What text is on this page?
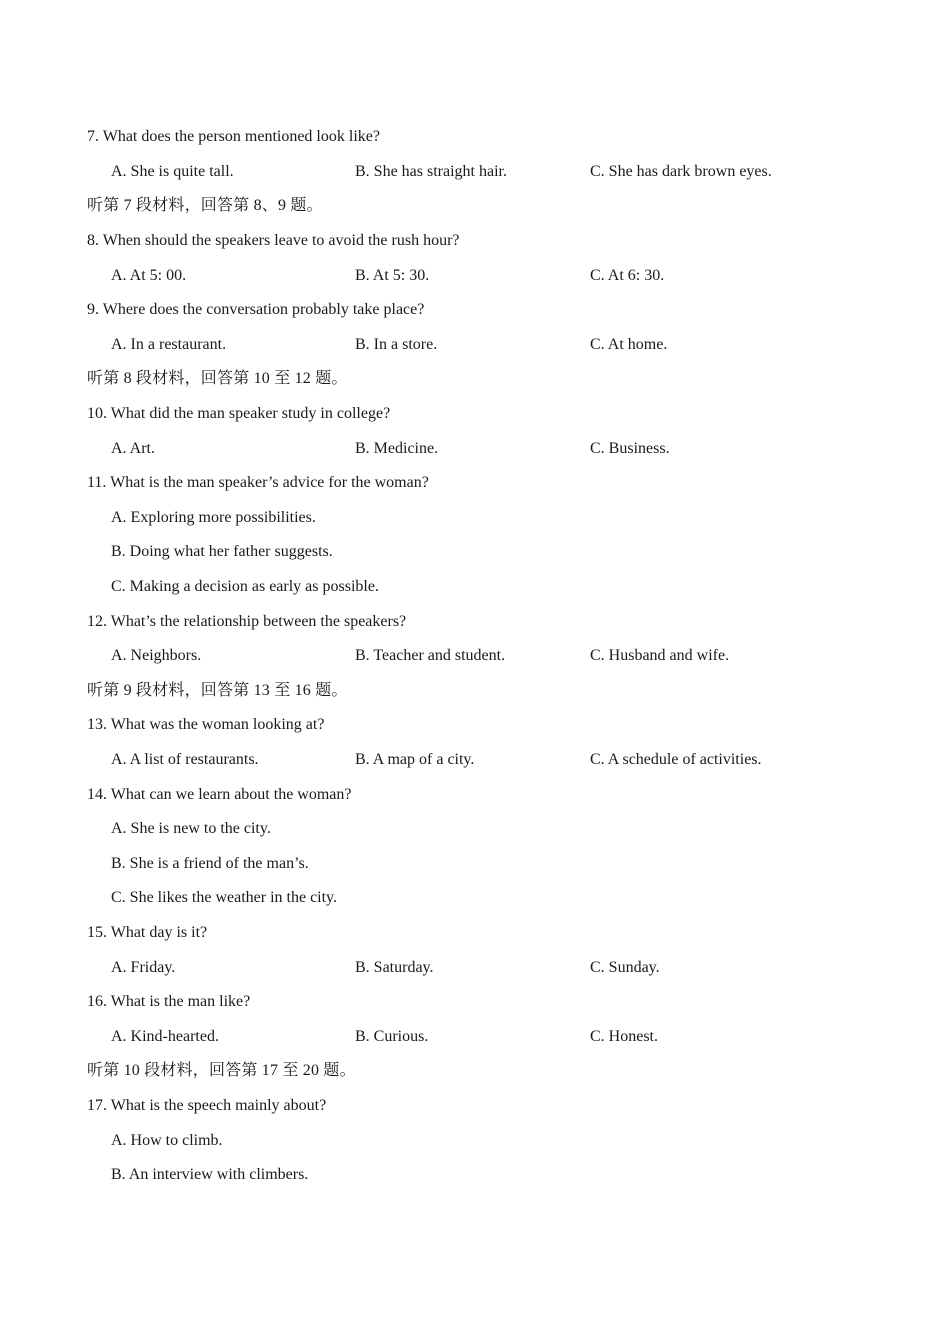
7. What does the person mentioned look like?
A. She is quite tall.	B. She has straight hair.	C. She has dark brown eyes.
听第 7 段材料，回答第 8、9 题。
8. When should the speakers leave to avoid the rush hour?
A. At 5: 00.	B. At 5: 30.	C. At 6: 30.
9. Where does the conversation probably take place?
A. In a restaurant.	B. In a store.	C. At home.
听第 8 段材料，回答第 10 至 12 题。
10. What did the man speaker study in college?
A. Art.	B. Medicine.	C. Business.
11. What is the man speaker’s advice for the woman?
A. Exploring more possibilities.
B. Doing what her father suggests.
C. Making a decision as early as possible.
12. What’s the relationship between the speakers?
A. Neighbors.	B. Teacher and student.	C. Husband and wife.
听第 9 段材料，回答第 13 至 16 题。
13. What was the woman looking at?
A. A list of restaurants.	B. A map of a city.	C. A schedule of activities.
14. What can we learn about the woman?
A. She is new to the city.
B. She is a friend of the man’s.
C. She likes the weather in the city.
15. What day is it?
A. Friday.	B. Saturday.	C. Sunday.
16. What is the man like?
A. Kind-hearted.	B. Curious.	C. Honest.
听第 10 段材料，回答第 17 至 20 题。
17. What is the speech mainly about?
A. How to climb.
B. An interview with climbers.
